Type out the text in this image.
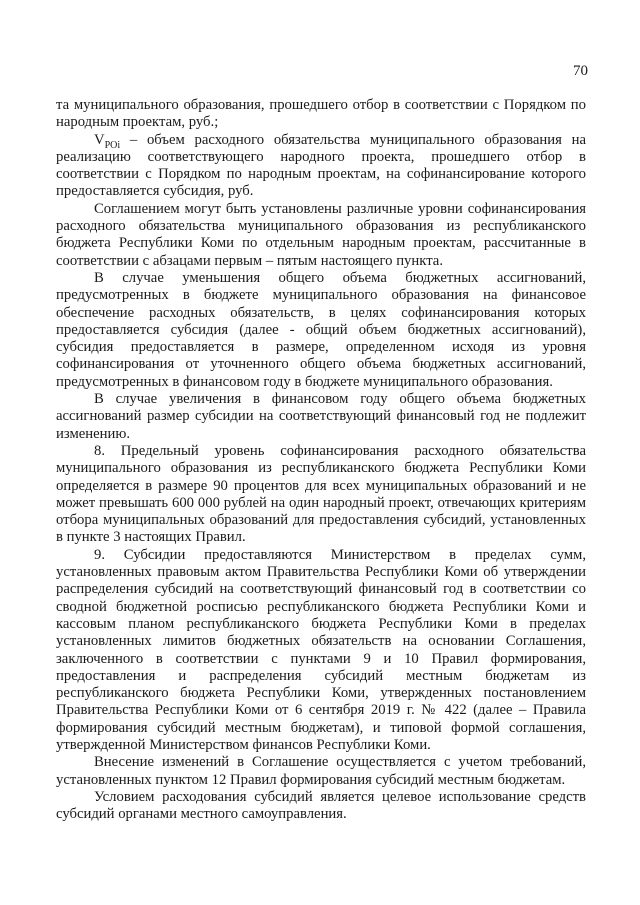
70

та муниципального образования, прошедшего отбор в соответствии с Порядком по народным проектам, руб.;

$V_{POi}$ – объем расходного обязательства муниципального образования на реализацию соответствующего народного проекта, прошедшего отбор в соответствии с Порядком по народным проектам, на софинансирование которого предоставляется субсидия, руб.

Соглашением могут быть установлены различные уровни софинансирования расходного обязательства муниципального образования из республиканского бюджета Республики Коми по отдельным народным проектам, рассчитанные в соответствии с абзацами первым – пятым настоящего пункта.

В случае уменьшения общего объема бюджетных ассигнований, предусмотренных в бюджете муниципального образования на финансовое обеспечение расходных обязательств, в целях софинансирования которых предоставляется субсидия (далее - общий объем бюджетных ассигнований), субсидия предоставляется в размере, определенном исходя из уровня софинансирования от уточненного общего объема бюджетных ассигнований, предусмотренных в финансовом году в бюджете муниципального образования.

В случае увеличения в финансовом году общего объема бюджетных ассигнований размер субсидии на соответствующий финансовый год не подлежит изменению.

8. Предельный уровень софинансирования расходного обязательства муниципального образования из республиканского бюджета Республики Коми определяется в размере 90 процентов для всех муниципальных образований и не может превышать 600 000 рублей на один народный проект, отвечающих критериям отбора муниципальных образований для предоставления субсидий, установленных в пункте 3 настоящих Правил.

9. Субсидии предоставляются Министерством в пределах сумм, установленных правовым актом Правительства Республики Коми об утверждении распределения субсидий на соответствующий финансовый год в соответствии со сводной бюджетной росписью республиканского бюджета Республики Коми и кассовым планом республиканского бюджета Республики Коми в пределах установленных лимитов бюджетных обязательств на основании Соглашения, заключенного в соответствии с пунктами 9 и 10 Правил формирования, предоставления и распределения субсидий местным бюджетам из республиканского бюджета Республики Коми, утвержденных постановлением Правительства Республики Коми от 6 сентября 2019 г. № 422 (далее – Правила формирования субсидий местным бюджетам), и типовой формой соглашения, утвержденной Министерством финансов Республики Коми.

Внесение изменений в Соглашение осуществляется с учетом требований, установленных пунктом 12 Правил формирования субсидий местным бюджетам.

Условием расходования субсидий является целевое использование средств субсидий органами местного самоуправления.
